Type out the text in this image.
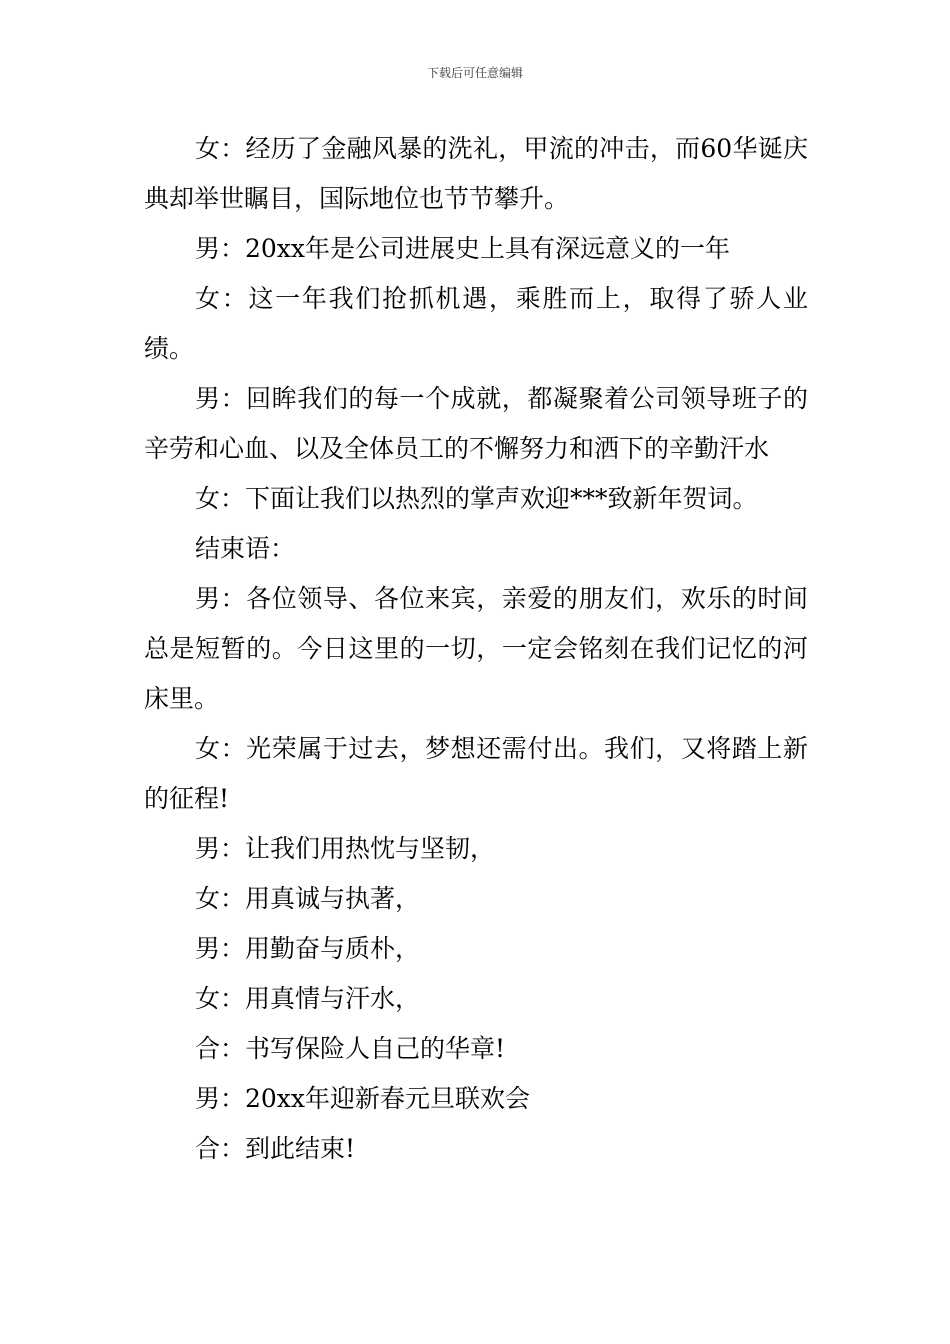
下载后可任意编辑

女：经历了金融风暴的洗礼，甲流的冲击，而60华诞庆典却举世瞩目，国际地位也节节攀升。

男：20xx年是公司进展史上具有深远意义的一年

女：这一年我们抢抓机遇，乘胜而上，取得了骄人业绩。

男：回眸我们的每一个成就，都凝聚着公司领导班子的辛劳和心血、以及全体员工的不懈努力和洒下的辛勤汗水

女：下面让我们以热烈的掌声欢迎***致新年贺词。

结束语：

男：各位领导、各位来宾，亲爱的朋友们，欢乐的时间总是短暂的。今日这里的一切，一定会铭刻在我们记忆的河床里。

女：光荣属于过去，梦想还需付出。我们，又将踏上新的征程!

男：让我们用热忱与坚韧，

女：用真诚与执著，

男：用勤奋与质朴，

女：用真情与汗水，

合：书写保险人自己的华章!

男：20xx年迎新春元旦联欢会

合：到此结束!
